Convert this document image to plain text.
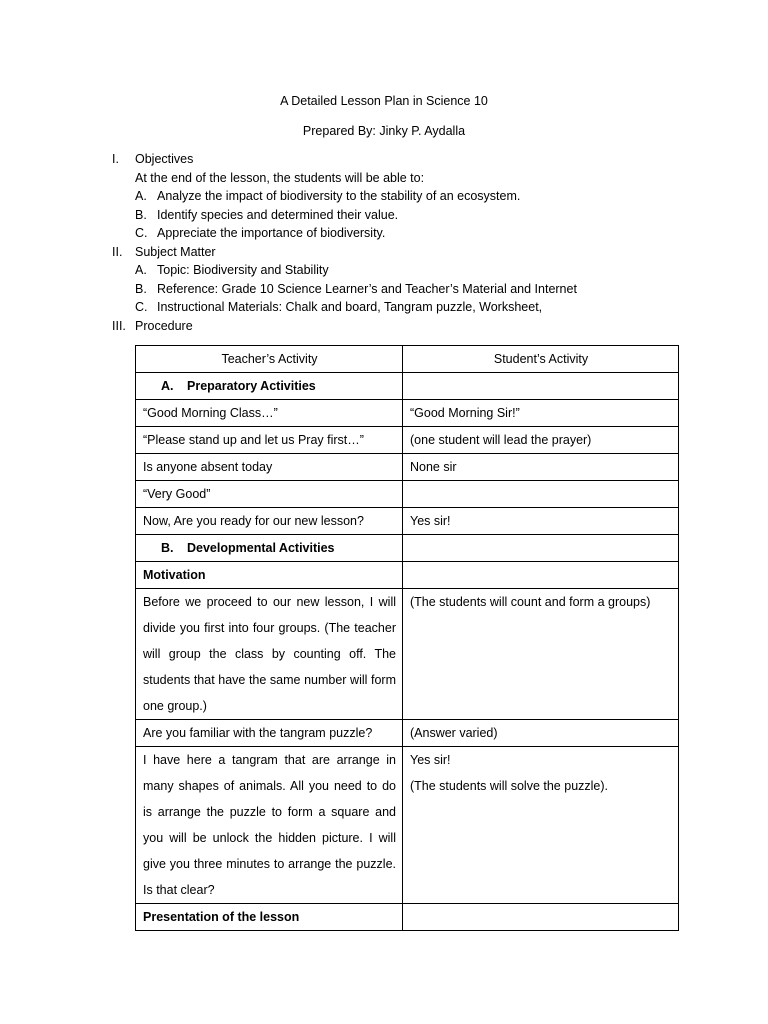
A Detailed Lesson Plan in Science 10
Prepared By: Jinky P. Aydalla
I. Objectives
At the end of the lesson, the students will be able to:
A. Analyze the impact of biodiversity to the stability of an ecosystem.
B. Identify species and determined their value.
C. Appreciate the importance of biodiversity.
II. Subject Matter
A. Topic: Biodiversity and Stability
B. Reference: Grade 10 Science Learner’s and Teacher’s Material and Internet
C. Instructional Materials: Chalk and board, Tangram puzzle, Worksheet,
III. Procedure
Teacher’s Activity	Student’s Activity
A. Preparatory Activities	
“Good Morning Class…”	“Good Morning Sir!”
“Please stand up and let us Pray first…”	(one student will lead the prayer)
Is anyone absent today	None sir
“Very Good”	
Now, Are you ready for our new lesson?	Yes sir!
B. Developmental Activities	
Motivation	
Before we proceed to our new lesson, I will divide you first into four groups. (The teacher will group the class by counting off. The students that have the same number will form one group.)	(The students will count and form a groups)
Are you familiar with the tangram puzzle?	(Answer varied)
I have here a tangram that are arrange in many shapes of animals. All you need to do is arrange the puzzle to form a square and you will be unlock the hidden picture. I will give you three minutes to arrange the puzzle. Is that clear?	Yes sir!
(The students will solve the puzzle).

Presentation of the lesson	
